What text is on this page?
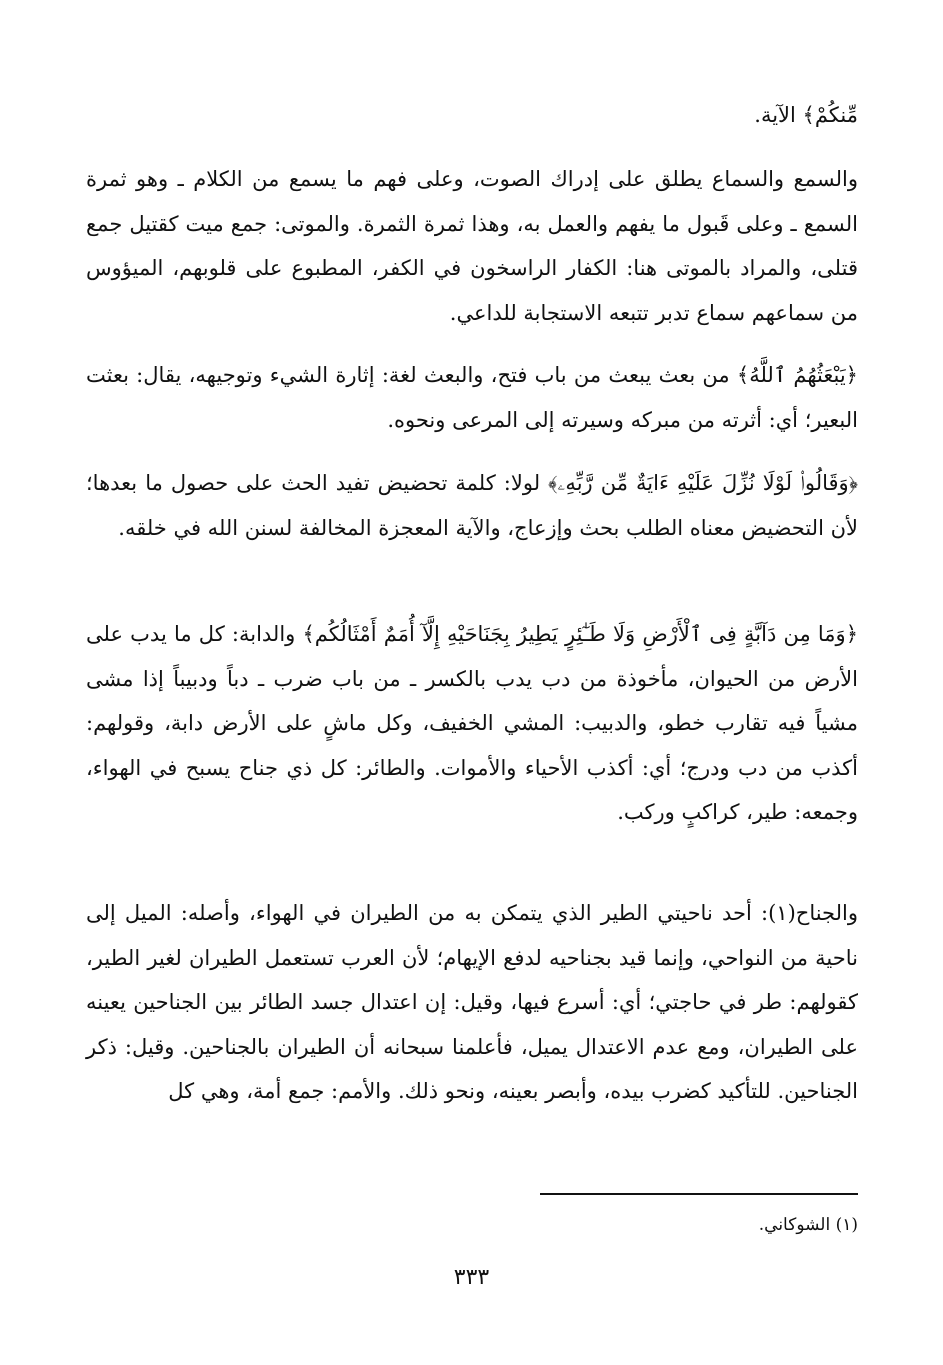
مِّنكُمْ﴾ الآية.

والسمع والسماع يطلق على إدراك الصوت، وعلى فهم ما يسمع من الكلام ـ وهو ثمرة السمع ـ وعلى قَبول ما يفهم والعمل به، وهذا ثمرة الثمرة. والموتى: جمع ميت كقتيل جمع قتلى، والمراد بالموتى هنا: الكفار الراسخون في الكفر، المطبوع على قلوبهم، الميؤوس من سماعهم سماع تدبر تتبعه الاستجابة للداعي.

﴿يَبْعَثُهُمُ ٱللَّهُ﴾ من بعث يبعث من باب فتح، والبعث لغة: إثارة الشيء وتوجيهه، يقال: بعثت البعير؛ أي: أثرته من مبركه وسيرته إلى المرعى ونحوه.

﴿وَقَالُوا۟ لَوْلَا نُزِّلَ عَلَيْهِ ءَايَةٌ مِّن رَّبِّهِۦ﴾ لولا: كلمة تحضيض تفيد الحث على حصول ما بعدها؛ لأن التحضيض معناه الطلب بحث وإزعاج، والآية المعجزة المخالفة لسنن الله في خلقه.

﴿وَمَا مِن دَآبَّةٍ فِى ٱلْأَرْضِ وَلَا طَـٰٓئِرٍ يَطِيرُ بِجَنَاحَيْهِ إِلَّآ أُمَمٌ أَمْثَالُكُم﴾ والدابة: كل ما يدب على الأرض من الحيوان، مأخوذة من دب يدب بالكسر ـ من باب ضرب ـ دباً ودبيباً إذا مشى مشياً فيه تقارب خطو، والدبيب: المشي الخفيف، وكل ماشٍ على الأرض دابة، وقولهم: أكذب من دب ودرج؛ أي: أكذب الأحياء والأموات. والطائر: كل ذي جناح يسبح في الهواء، وجمعه: طير، كراكبٍ وركب.

والجناح(١): أحد ناحيتي الطير الذي يتمكن به من الطيران في الهواء، وأصله: الميل إلى ناحية من النواحي، وإنما قيد بجناحيه لدفع الإيهام؛ لأن العرب تستعمل الطيران لغير الطير، كقولهم: طر في حاجتي؛ أي: أسرع فيها، وقيل: إن اعتدال جسد الطائر بين الجناحين يعينه على الطيران، ومع عدم الاعتدال يميل، فأعلمنا سبحانه أن الطيران بالجناحين. وقيل: ذكر الجناحين. للتأكيد كضرب بيده، وأبصر بعينه، ونحو ذلك. والأمم: جمع أمة، وهي كل

(١) الشوكاني.
٣٣٣
